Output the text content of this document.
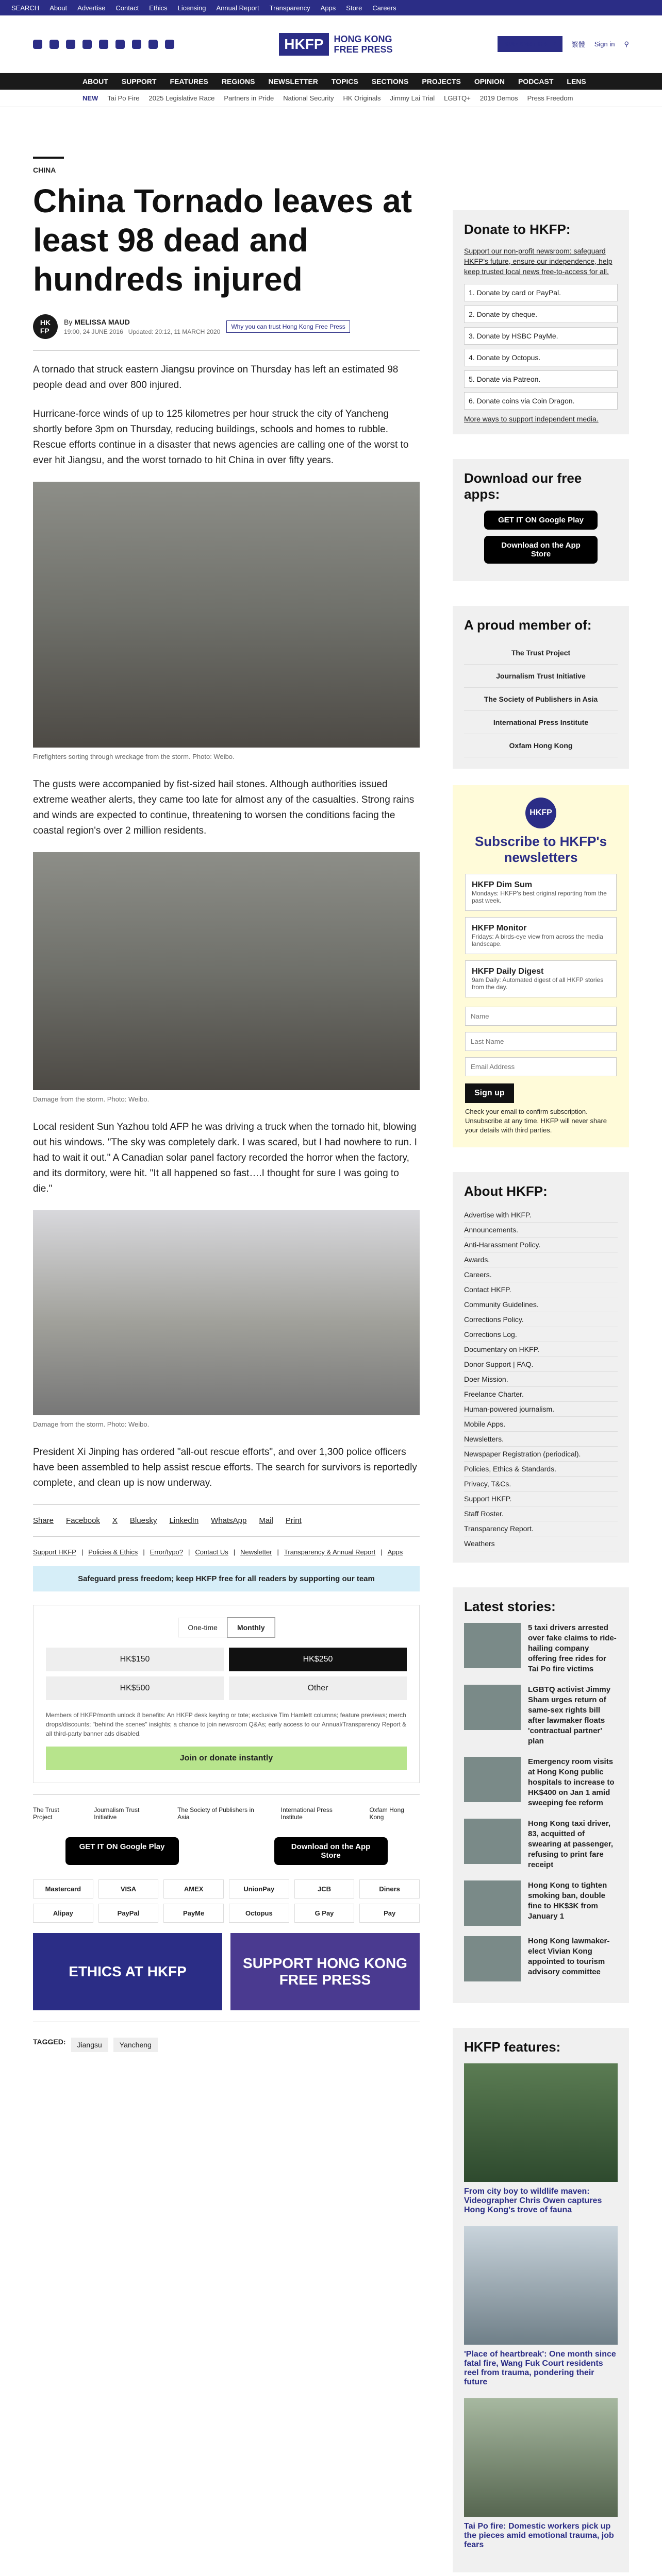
SEARCH About Advertise Contact Ethics Licensing Annual Report Transparency Apps Store Careers
HKFP	HONG KONG
FREE PRESS	SUPPORT HKFP	繁體 Sign in ⚲
ABOUT SUPPORT FEATURES REGIONS NEWSLETTER TOPICS SECTIONS PROJECTS OPINION PODCAST LENS
NEW Tai Po Fire 2025 Legislative Race Partners in Pride National Security HK Originals Jimmy Lai Trial LGBTQ+ 2019 Demos Press Freedom
CHINA
China Tornado leaves at least 98 dead and hundreds injured
HK
FP
By MELISSA MAUD
19:00, 24 JUNE 2016 Updated: 20:12, 11 MARCH 2020
Why you can trust Hong Kong Free Press

A tornado that struck eastern Jiangsu province on Thursday has left an estimated 98 people dead and over 800 injured.

Hurricane-force winds of up to 125 kilometres per hour struck the city of Yancheng shortly before 3pm on Thursday, reducing buildings, schools and homes to rubble. Rescue efforts continue in a disaster that news agencies are calling one of the worst to ever hit Jiangsu, and the worst tornado to hit China in over fifty years.

Firefighters sorting through wreckage from the storm. Photo: Weibo.

The gusts were accompanied by fist-sized hail stones. Although authorities issued extreme weather alerts, they came too late for almost any of the casualties. Strong rains and winds are expected to continue, threatening to worsen the conditions facing the coastal region's over 2 million residents.

Damage from the storm. Photo: Weibo.

Local resident Sun Yazhou told AFP he was driving a truck when the tornado hit, blowing out his windows. "The sky was completely dark. I was scared, but I had nowhere to run. I had to wait it out." A Canadian solar panel factory recorded the horror when the factory, and its dormitory, were hit. "It all happened so fast….I thought for sure I was going to die."

Damage from the storm. Photo: Weibo.

President Xi Jinping has ordered "all-out rescue efforts", and over 1,300 police officers have been assembled to help assist rescue efforts. The search for survivors is reportedly complete, and clean up is now underway.

Share Facebook X Bluesky LinkedIn WhatsApp Mail Print
Support HKFP | Policies & Ethics | Error/typo? | Contact Us | Newsletter | Transparency & Annual Report | Apps
Safeguard press freedom; keep HKFP free for all readers by supporting our team
One-time	Monthly
HK$150	HK$250
HK$500	Other
Members of HKFP/month unlock 8 benefits: An HKFP desk keyring or tote; exclusive Tim Hamlett columns; feature previews; merch drops/discounts; "behind the scenes" insights; a chance to join newsroom Q&As; early access to our Annual/Transparency Report & all third-party banner ads disabled.
Join or donate instantly
The Trust Project
Journalism Trust Initiative
The Society of Publishers in Asia
International Press Institute
Oxfam Hong Kong
GET IT ON Google Play	Download on the App Store
Mastercard	VISA	AMEX	UnionPay	JCB	Diners
Alipay	PayPal	PayMe	Octopus	G Pay	Pay
ETHICS AT HKFP
SUPPORT HONG KONG FREE PRESS
TAGGED:	Jiangsu	Yancheng
Donate to HKFP:
Support our non-profit newsroom: safeguard HKFP's future, ensure our independence, help keep trusted local news free-to-access for all.
1. Donate by card or PayPal.
2. Donate by cheque.
3. Donate by HSBC PayMe.
4. Donate by Octopus.
5. Donate via Patreon.
6. Donate coins via Coin Dragon.
More ways to support independent media.
Download our free apps:
GET IT ON Google Play
Download on the App Store
A proud member of:
The Trust Project
Journalism Trust Initiative
The Society of Publishers in Asia
International Press Institute
Oxfam Hong Kong
HKFP
Subscribe to HKFP's newsletters
HKFP Dim Sum
Mondays: HKFP's best original reporting from the past week.
HKFP Monitor
Fridays: A birds-eye view from across the media landscape.
HKFP Daily Digest
9am Daily: Automated digest of all HKFP stories from the day.
Name Last Name Email Address Sign up
Check your email to confirm subscription. Unsubscribe at any time. HKFP will never share your details with third parties.
About HKFP:
Advertise with HKFP.
Announcements.
Anti-Harassment Policy.
Awards.
Careers.
Contact HKFP.
Community Guidelines.
Corrections Policy.
Corrections Log.
Documentary on HKFP.
Donor Support | FAQ.
Doer Mission.
Freelance Charter.
Human-powered journalism.
Mobile Apps.
Newsletters.
Newspaper Registration (periodical).
Policies, Ethics & Standards.
Privacy, T&Cs.
Support HKFP.
Staff Roster.
Transparency Report.
Weathers
Latest stories:
5 taxi drivers arrested over fake claims to ride-hailing company offering free rides for Tai Po fire victims
LGBTQ activist Jimmy Sham urges return of same-sex rights bill after lawmaker floats 'contractual partner' plan
Emergency room visits at Hong Kong public hospitals to increase to HK$400 on Jan 1 amid sweeping fee reform
Hong Kong taxi driver, 83, acquitted of swearing at passenger, refusing to print fare receipt
Hong Kong to tighten smoking ban, double fine to HK$3K from January 1
Hong Kong lawmaker-elect Vivian Kong appointed to tourism advisory committee
HKFP features:
From city boy to wildlife maven: Videographer Chris Owen captures Hong Kong's trove of fauna
'Place of heartbreak': One month since fatal fire, Wang Fuk Court residents reel from trauma, pondering their future
Tai Po fire: Domestic workers pick up the pieces amid emotional trauma, job fears
